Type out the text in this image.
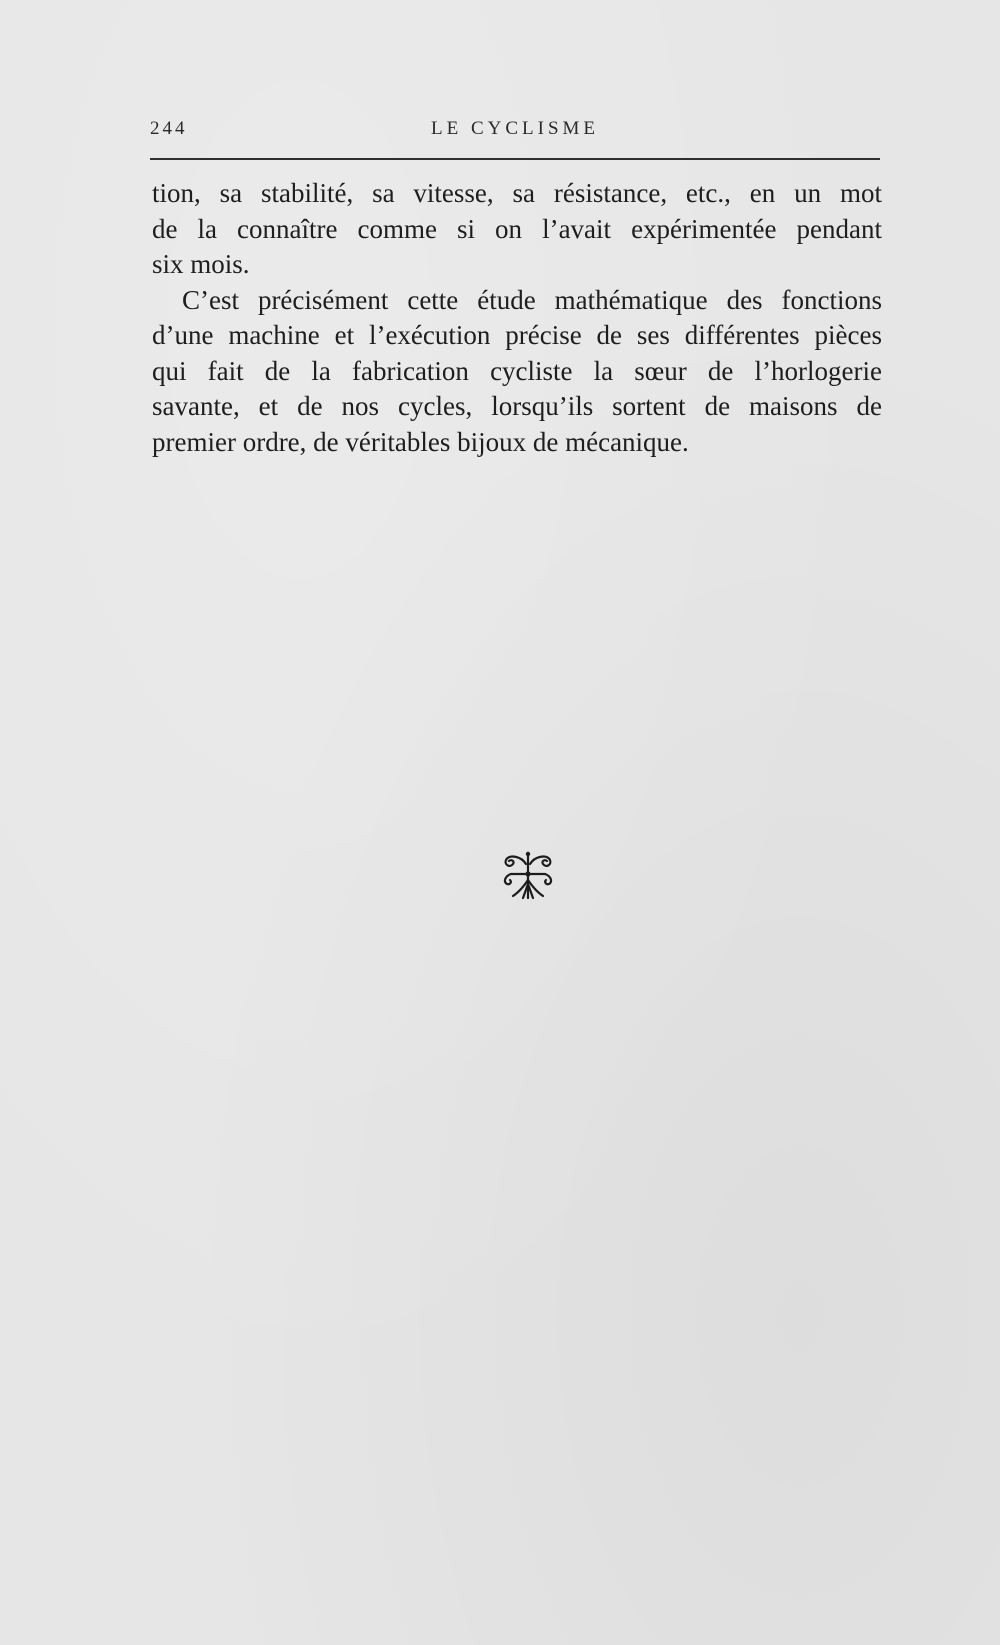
244	LE CYCLISME
tion, sa stabilité, sa vitesse, sa résistance, etc., en un mot
de la connaître comme si on l’avait expérimentée pendant
six mois.
C’est précisément cette étude mathématique des fonctions
d’une machine et l’exécution précise de ses différentes pièces
qui fait de la fabrication cycliste la sœur de l’horlogerie
savante, et de nos cycles, lorsqu’ils sortent de maisons de
premier ordre, de véritables bijoux de mécanique.
